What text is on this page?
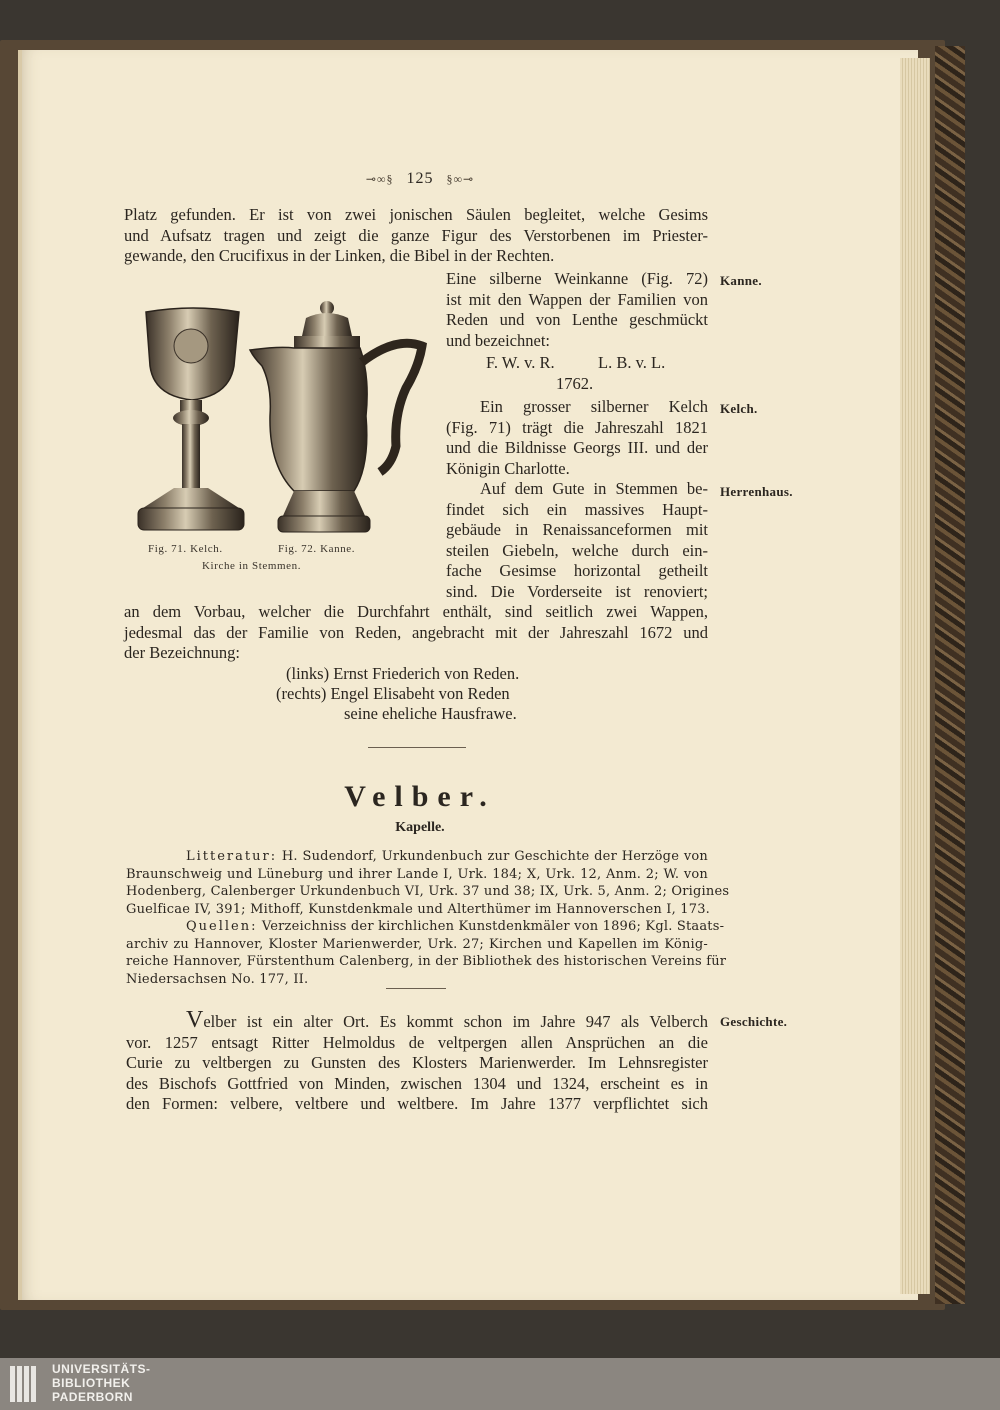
⊸∞§ 125 §∞⊸
Platz gefunden. Er ist von zwei jonischen Säulen begleitet, welche Gesims
und Aufsatz tragen und zeigt die ganze Figur des Verstorbenen im Priester-
gewande, den Crucifixus in der Linken, die Bibel in der Rechten.
Fig. 71. Kelch.	Fig. 72. Kanne.
Kirche in Stemmen.
Eine silberne Weinkanne (Fig. 72)
ist mit den Wappen der Familien von
Reden und von Lenthe geschmückt
und bezeichnet:
F. W. v. R.	L. B. v. L.
1762.
Ein grosser silberner Kelch
(Fig. 71) trägt die Jahreszahl 1821
und die Bildnisse Georgs III. und der
Königin Charlotte.
Auf dem Gute in Stemmen be-
findet sich ein massives Haupt-
gebäude in Renaissanceformen mit
steilen Giebeln, welche durch ein-
fache Gesimse horizontal getheilt
sind. Die Vorderseite ist renoviert;
an dem Vorbau, welcher die Durchfahrt enthält, sind seitlich zwei Wappen,
jedesmal das der Familie von Reden, angebracht mit der Jahreszahl 1672 und
der Bezeichnung:
(links) Ernst Friederich von Reden.
(rechts) Engel Elisabeht von Reden
seine eheliche Hausfrawe.
Kanne.
Kelch.
Herrenhaus.
Geschichte.
Velber.
Kapelle.
Litteratur: H. Sudendorf, Urkundenbuch zur Geschichte der Herzöge von
Braunschweig und Lüneburg und ihrer Lande I, Urk. 184; X, Urk. 12, Anm. 2; W. von
Hodenberg, Calenberger Urkundenbuch VI, Urk. 37 und 38; IX, Urk. 5, Anm. 2; Origines
Guelficae IV, 391; Mithoff, Kunstdenkmale und Alterthümer im Hannoverschen I, 173.
Quellen: Verzeichniss der kirchlichen Kunstdenkmäler von 1896; Kgl. Staats-
archiv zu Hannover, Kloster Marienwerder, Urk. 27; Kirchen und Kapellen im König-
reiche Hannover, Fürstenthum Calenberg, in der Bibliothek des historischen Vereins für
Niedersachsen No. 177, II.
Velber ist ein alter Ort. Es kommt schon im Jahre 947 als Velberch
vor. 1257 entsagt Ritter Helmoldus de veltpergen allen Ansprüchen an die
Curie zu veltbergen zu Gunsten des Klosters Marienwerder. Im Lehnsregister
des Bischofs Gottfried von Minden, zwischen 1304 und 1324, erscheint es in
den Formen: velbere, veltbere und weltbere. Im Jahre 1377 verpflichtet sich
UNIVERSITÄTS-
BIBLIOTHEK
PADERBORN
